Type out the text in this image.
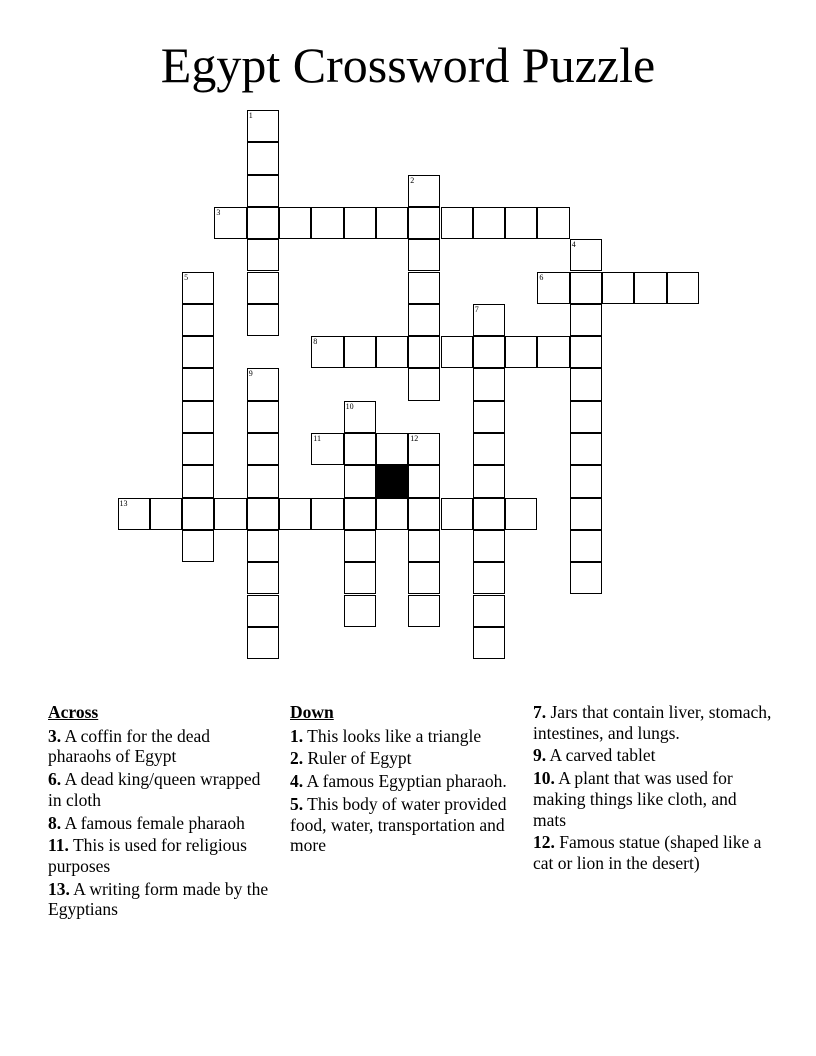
Egypt Crossword Puzzle
1
2
3
4
5	6
7
8
9
10
11	12
13
Across
3. A coffin for the dead pharaohs of Egypt
6. A dead king/queen wrapped in cloth
8. A famous female pharaoh
11. This is used for religious purposes
13. A writing form made by the Egyptians
Down
1. This looks like a triangle
2. Ruler of Egypt
4. A famous Egyptian pharaoh.
5. This body of water provided food, water, transportation and more
7. Jars that contain liver, stomach, intestines, and lungs.
9. A carved tablet
10. A plant that was used for making things like cloth, and mats
12. Famous statue (shaped like a cat or lion in the desert)
